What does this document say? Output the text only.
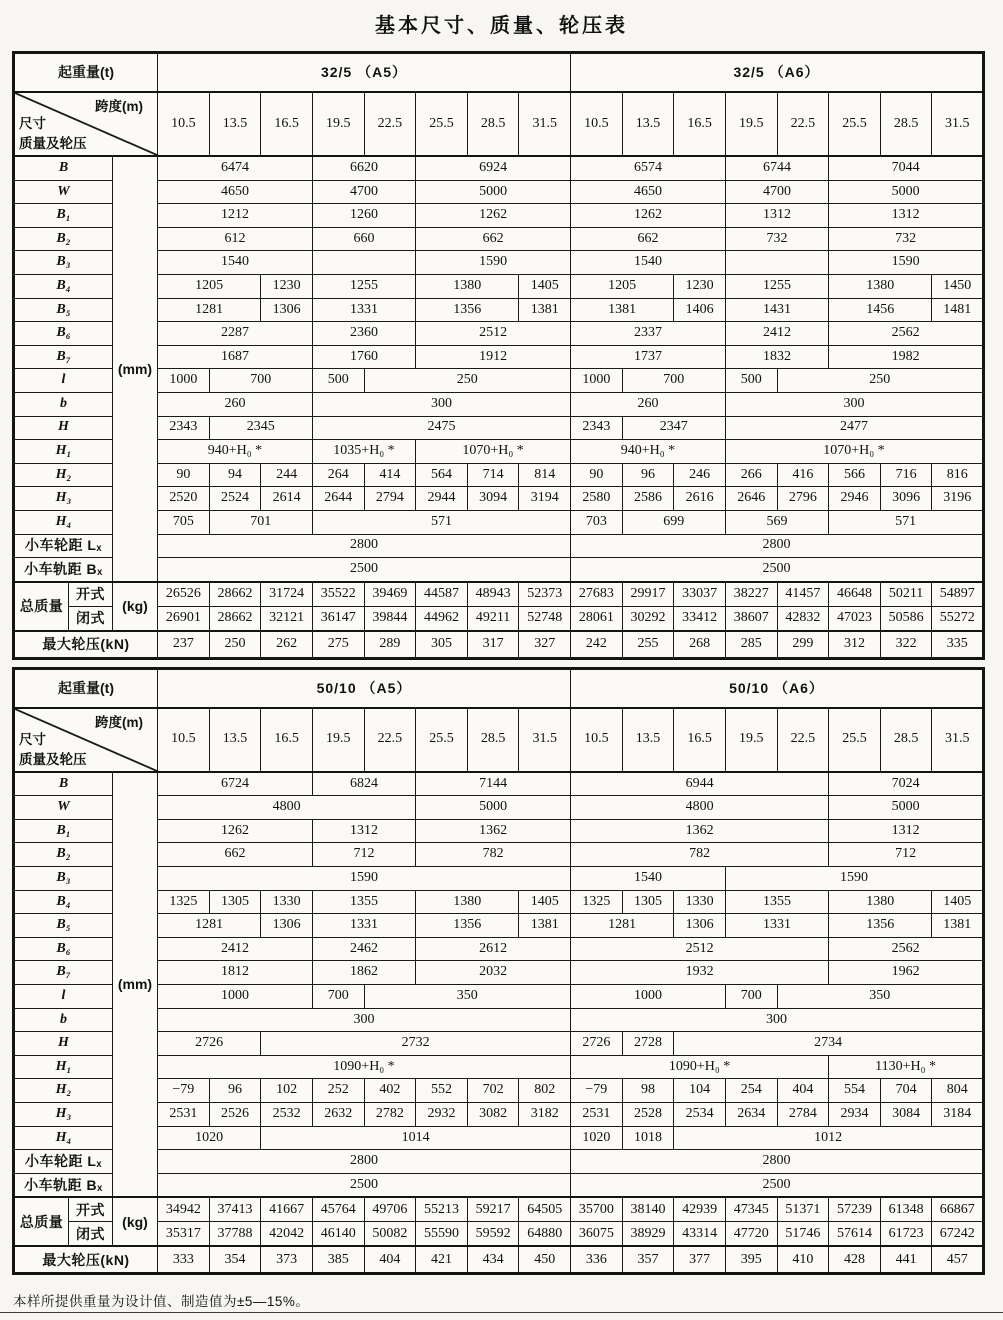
基本尺寸、质量、轮压表
起重量(t)			32/5 （A5）								32/5 （A6）							

跨度(m)
尺寸
质量及轮压			10.5	13.5	16.5	19.5	22.5	25.5	28.5	31.5	10.5	13.5	16.5	19.5	22.5	25.5	28.5	31.5
B		(mm)	6474			6620		6924			6574			6744		7044		
W			4650			4700		5000			4650			4700		5000		
B₁			1212			1260		1262			1262			1312		1312		
B₂			612			660		662			662			732		732		
B₃			1540					1590			1540					1590		
B₄			1205		1230	1255		1380		1405	1205		1230	1255		1380		1450
B₅			1281		1306	1331		1356		1381	1381		1406	1431		1456		1481
B₆			2287			2360		2512			2337			2412		2562		
B₇			1687			1760		1912			1737			1832		1982		
l			1000	700		500	250				1000	700		500	250			
b			260			300					260			300				
H			2343	2345		2475					2343	2347		2477				
H₁			940+H₀ *			1035+H₀ *		1070+H₀ *			940+H₀ *			1070+H₀ *				
H₂			90	94	244	264	414	564	714	814	90	96	246	266	416	566	716	816
H₃			2520	2524	2614	2644	2794	2944	3094	3194	2580	2586	2616	2646	2796	2946	3096	3196
H₄			705	701		571					703	699		569		571		
小车轮距 Lₓ			2800								2800							
小车轨距 Bₓ			2500								2500							
总质量	开式	(kg)	26526	28662	31724	35522	39469	44587	48943	52373	27683	29917	33037	38227	41457	46648	50211	54897
	闭式		26901	28662	32121	36147	39844	44962	49211	52748	28061	30292	33412	38607	42832	47023	50586	55272
最大轮压(kN)			237	250	262	275	289	305	317	327	242	255	268	285	299	312	322	335
起重量(t)			50/10 （A5）								50/10 （A6）							

跨度(m)
尺寸
质量及轮压			10.5	13.5	16.5	19.5	22.5	25.5	28.5	31.5	10.5	13.5	16.5	19.5	22.5	25.5	28.5	31.5
B		(mm)	6724			6824		7144			6944					7024		
W			4800					5000			4800					5000		
B₁			1262			1312		1362			1362					1312		
B₂			662			712		782			782					712		
B₃			1590								1540			1590				
B₄			1325	1305	1330	1355		1380		1405	1325	1305	1330	1355		1380		1405
B₅			1281		1306	1331		1356		1381	1281		1306	1331		1356		1381
B₆			2412			2462		2612			2512					2562		
B₇			1812			1862		2032			1932					1962		
l			1000			700	350				1000			700	350			
b			300								300							
H			2726		2732						2726	2728	2734					
H₁			1090+H₀ *								1090+H₀ *					1130+H₀ *		
H₂			−79	96	102	252	402	552	702	802	−79	98	104	254	404	554	704	804
H₃			2531	2526	2532	2632	2782	2932	3082	3182	2531	2528	2534	2634	2784	2934	3084	3184
H₄			1020		1014						1020	1018	1012					
小车轮距 Lₓ			2800								2800							
小车轨距 Bₓ			2500								2500							
总质量	开式	(kg)	34942	37413	41667	45764	49706	55213	59217	64505	35700	38140	42939	47345	51371	57239	61348	66867
	闭式		35317	37788	42042	46140	50082	55590	59592	64880	36075	38929	43314	47720	51746	57614	61723	67242
最大轮压(kN)			333	354	373	385	404	421	434	450	336	357	377	395	410	428	441	457
本样所提供重量为设计值、制造值为±5—15%。
